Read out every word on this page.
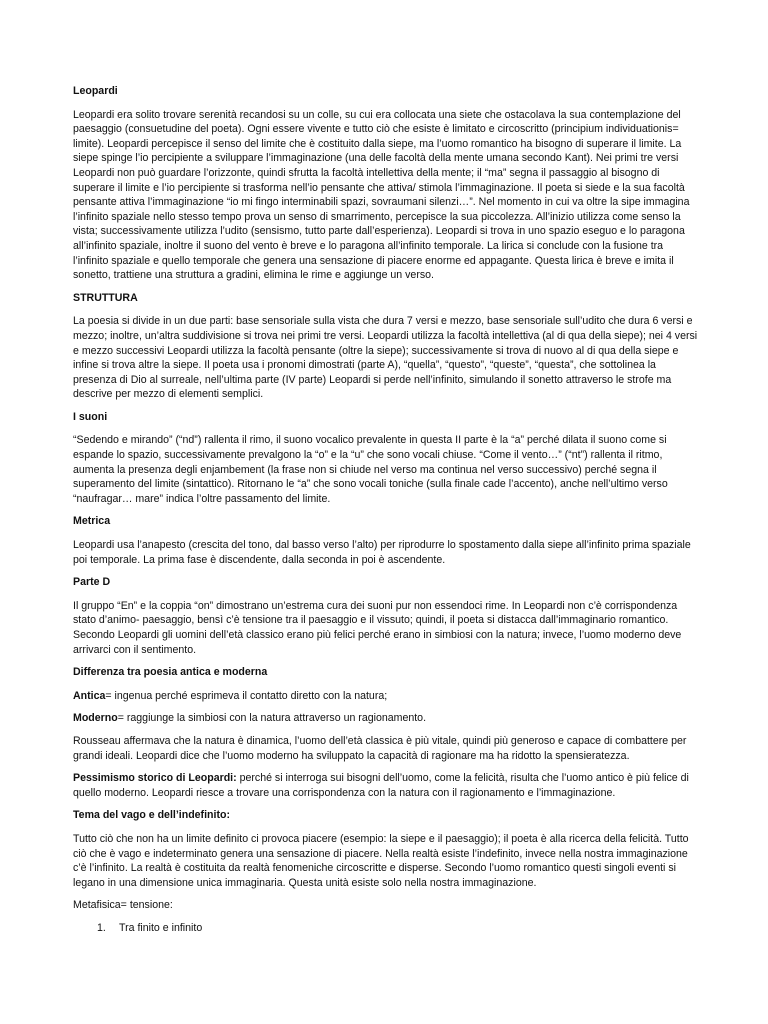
Leopardi

Leopardi era solito trovare serenità recandosi su un colle, su cui era collocata una siete che ostacolava la sua contemplazione del paesaggio (consuetudine del poeta). Ogni essere vivente e tutto ciò che esiste è limitato e circoscritto (principium individuationis= limite). Leopardi percepisce il senso del limite che è costituito dalla siepe, ma l’uomo romantico ha bisogno di superare il limite. La siepe spinge l’io percipiente a sviluppare l’immaginazione (una delle facoltà della mente umana secondo Kant). Nei primi tre versi Leopardi non può guardare l’orizzonte, quindi sfrutta la facoltà intellettiva della mente; il “ma” segna il passaggio al bisogno di superare il limite e l’io percipiente si trasforma nell’io pensante che attiva/ stimola l’immaginazione. Il poeta si siede e la sua facoltà pensante attiva l’immaginazione “io mi fingo interminabili spazi, sovraumani silenzi…”. Nel momento in cui va oltre la sipe immagina l’infinito spaziale nello stesso tempo prova un senso di smarrimento, percepisce la sua piccolezza. All’inizio utilizza come senso la vista; successivamente utilizza l’udito (sensismo, tutto parte dall’esperienza). Leopardi si trova in uno spazio eseguo e lo paragona all’infinito spaziale, inoltre il suono del vento è breve e lo paragona all’infinito temporale. La lirica si conclude con la fusione tra l’infinito spaziale e quello temporale che genera una sensazione di piacere enorme ed appagante. Questa lirica è breve e imita il sonetto, trattiene una struttura a gradini, elimina le rime e aggiunge un verso.

STRUTTURA

La poesia si divide in un due parti: base sensoriale sulla vista che dura 7 versi e mezzo, base sensoriale sull’udito che dura 6 versi e mezzo; inoltre, un’altra suddivisione si trova nei primi tre versi. Leopardi utilizza la facoltà intellettiva (al di qua della siepe); nei 4 versi e mezzo successivi Leopardi utilizza la facoltà pensante (oltre la siepe); successivamente si trova di nuovo al di qua della siepe e infine si trova altre la siepe. Il poeta usa i pronomi dimostrati (parte A), “quella”, “questo”, “queste”, “questa”, che sottolinea la presenza di Dio al surreale, nell’ultima parte (IV parte) Leopardi si perde nell’infinito, simulando il sonetto attraverso le strofe ma descrive per mezzo di elementi semplici.

I suoni

“Sedendo e mirando” (“nd”) rallenta il rimo, il suono vocalico prevalente in questa II parte è la “a” perché dilata il suono come si espande lo spazio, successivamente prevalgono la “o” e la “u” che sono vocali chiuse. “Come il vento…” (“nt”) rallenta il ritmo, aumenta la presenza degli enjambement (la frase non si chiude nel verso ma continua nel verso successivo) perché segna il superamento del limite (sintattico). Ritornano le “a” che sono vocali toniche (sulla finale cade l’accento), anche nell’ultimo verso “naufragar… mare” indica l’oltre passamento del limite.

Metrica

Leopardi usa l’anapesto (crescita del tono, dal basso verso l’alto) per riprodurre lo spostamento dalla siepe all’infinito prima spaziale poi temporale. La prima fase è discendente, dalla seconda in poi è ascendente.

Parte D

Il gruppo “En” e la coppia “on” dimostrano un’estrema cura dei suoni pur non essendoci rime. In Leopardi non c’è corrispondenza stato d’animo- paesaggio, bensì c’è tensione tra il paesaggio e il vissuto; quindi, il poeta si distacca dall’immaginario romantico. Secondo Leopardi gli uomini dell’età classico erano più felici perché erano in simbiosi con la natura; invece, l’uomo moderno deve arrivarci con il sentimento.

Differenza tra poesia antica e moderna

Antica= ingenua perché esprimeva il contatto diretto con la natura;

Moderno= raggiunge la simbiosi con la natura attraverso un ragionamento.

Rousseau affermava che la natura è dinamica, l’uomo dell’età classica è più vitale, quindi più generoso e capace di combattere per grandi ideali. Leopardi dice che l’uomo moderno ha sviluppato la capacità di ragionare ma ha ridotto la spensieratezza.

Pessimismo storico di Leopardi: perché si interroga sui bisogni dell’uomo, come la felicità, risulta che l’uomo antico è più felice di quello moderno. Leopardi riesce a trovare una corrispondenza con la natura con il ragionamento e l’immaginazione.

Tema del vago e dell’indefinito:

Tutto ciò che non ha un limite definito ci provoca piacere (esempio: la siepe e il paesaggio); il poeta è alla ricerca della felicità. Tutto ciò che è vago e indeterminato genera una sensazione di piacere. Nella realtà esiste l’indefinito, invece nella nostra immaginazione c’è l’infinito. La realtà è costituita da realtà fenomeniche circoscritte e disperse. Secondo l’uomo romantico questi singoli eventi si legano in una dimensione unica immaginaria. Questa unità esiste solo nella nostra immaginazione.

Metafisica= tensione:

1.	Tra finito e infinito
